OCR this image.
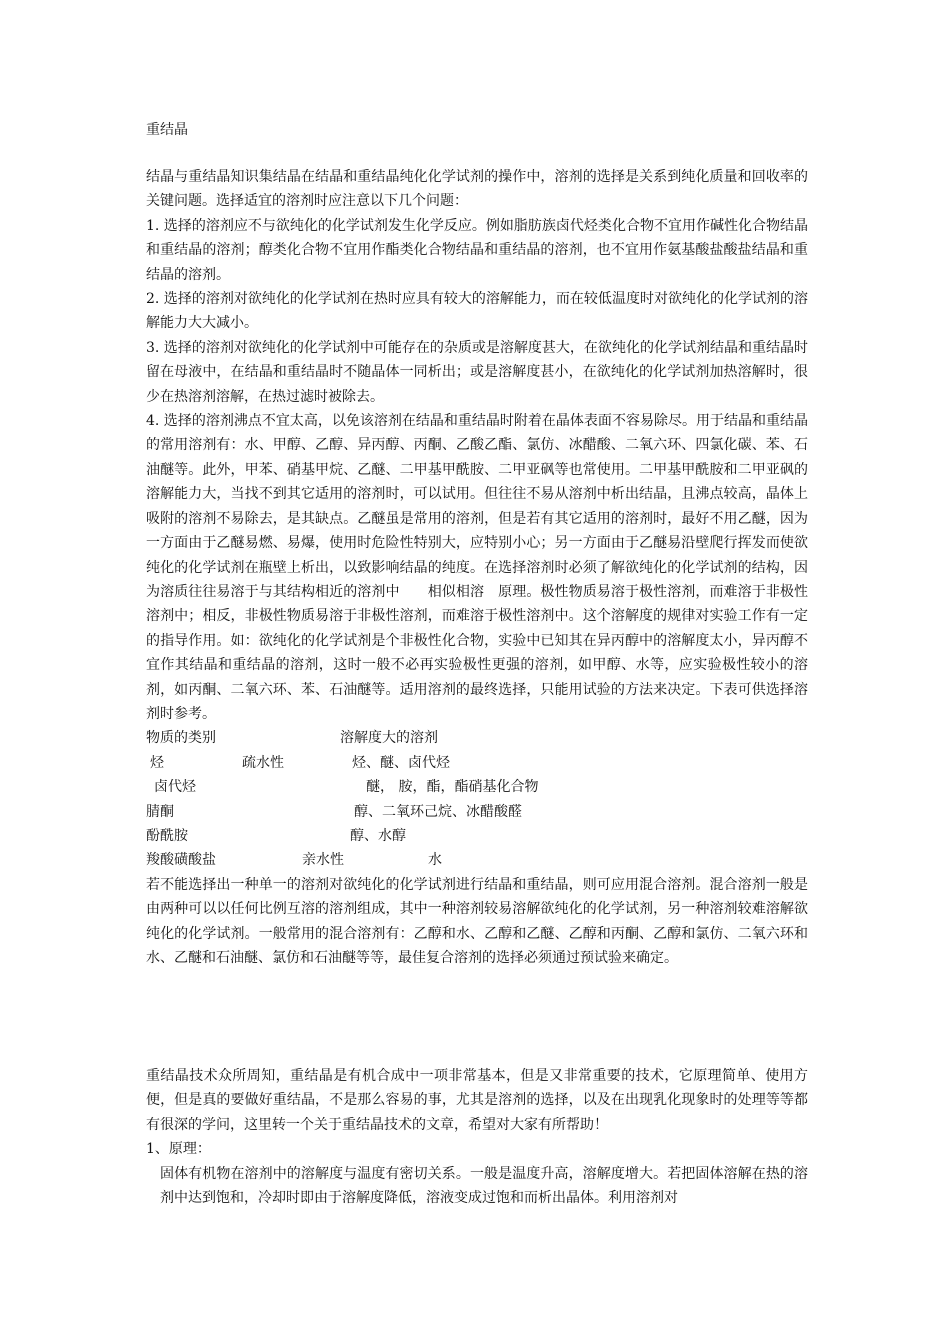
重结晶

结晶与重结晶知识集结晶在结晶和重结晶纯化化学试剂的操作中，溶剂的选择是关系到纯化质量和回收率的关键问题。选择适宜的溶剂时应注意以下几个问题：

1. 选择的溶剂应不与欲纯化的化学试剂发生化学反应。例如脂肪族卤代烃类化合物不宜用作碱性化合物结晶和重结晶的溶剂；醇类化合物不宜用作酯类化合物结晶和重结晶的溶剂，也不宜用作氨基酸盐酸盐结晶和重结晶的溶剂。

2. 选择的溶剂对欲纯化的化学试剂在热时应具有较大的溶解能力，而在较低温度时对欲纯化的化学试剂的溶解能力大大减小。

3. 选择的溶剂对欲纯化的化学试剂中可能存在的杂质或是溶解度甚大，在欲纯化的化学试剂结晶和重结晶时留在母液中，在结晶和重结晶时不随晶体一同析出；或是溶解度甚小，在欲纯化的化学试剂加热溶解时，很少在热溶剂溶解，在热过滤时被除去。

4. 选择的溶剂沸点不宜太高，以免该溶剂在结晶和重结晶时附着在晶体表面不容易除尽。用于结晶和重结晶的常用溶剂有：水、甲醇、乙醇、异丙醇、丙酮、乙酸乙酯、氯仿、冰醋酸、二氧六环、四氯化碳、苯、石油醚等。此外，甲苯、硝基甲烷、乙醚、二甲基甲酰胺、二甲亚砜等也常使用。二甲基甲酰胺和二甲亚砜的溶解能力大，当找不到其它适用的溶剂时，可以试用。但往往不易从溶剂中析出结晶，且沸点较高，晶体上吸附的溶剂不易除去，是其缺点。乙醚虽是常用的溶剂，但是若有其它适用的溶剂时，最好不用乙醚，因为一方面由于乙醚易燃、易爆，使用时危险性特别大，应特别小心；另一方面由于乙醚易沿壁爬行挥发而使欲纯化的化学试剂在瓶壁上析出，以致影响结晶的纯度。在选择溶剂时必须了解欲纯化的化学试剂的结构，因为溶质往往易溶于与其结构相近的溶剂中　　相似相溶　原理。极性物质易溶于极性溶剂，而难溶于非极性溶剂中；相反，非极性物质易溶于非极性溶剂，而难溶于极性溶剂中。这个溶解度的规律对实验工作有一定的指导作用。如：欲纯化的化学试剂是个非极性化合物，实验中已知其在异丙醇中的溶解度太小，异丙醇不宜作其结晶和重结晶的溶剂，这时一般不必再实验极性更强的溶剂，如甲醇、水等，应实验极性较小的溶剂，如丙酮、二氧六环、苯、石油醚等。适用溶剂的最终选择，只能用试验的方法来决定。下表可供选择溶剂时参考。

物质的类别	溶解度大的溶剂
烃	疏水性	烃、醚、卤代烃
卤代烃	醚， 胺，酯，酯硝基化合物
腈酮	醇、二氧环己烷、冰醋酸醛
酚酰胺	醇、水醇
羧酸磺酸盐	亲水性	水

若不能选择出一种单一的溶剂对欲纯化的化学试剂进行结晶和重结晶，则可应用混合溶剂。混合溶剂一般是由两种可以以任何比例互溶的溶剂组成，其中一种溶剂较易溶解欲纯化的化学试剂，另一种溶剂较难溶解欲纯化的化学试剂。一般常用的混合溶剂有：乙醇和水、乙醇和乙醚、乙醇和丙酮、乙醇和氯仿、二氧六环和水、乙醚和石油醚、氯仿和石油醚等等，最佳复合溶剂的选择必须通过预试验来确定。

重结晶技术众所周知，重结晶是有机合成中一项非常基本，但是又非常重要的技术，它原理简单、使用方便，但是真的要做好重结晶，不是那么容易的事，尤其是溶剂的选择，以及在出现乳化现象时的处理等等都有很深的学问，这里转一个关于重结晶技术的文章，希望对大家有所帮助！

1、原理：

固体有机物在溶剂中的溶解度与温度有密切关系。一般是温度升高，溶解度增大。若把固体溶解在热的溶剂中达到饱和，冷却时即由于溶解度降低，溶液变成过饱和而析出晶体。利用溶剂对
